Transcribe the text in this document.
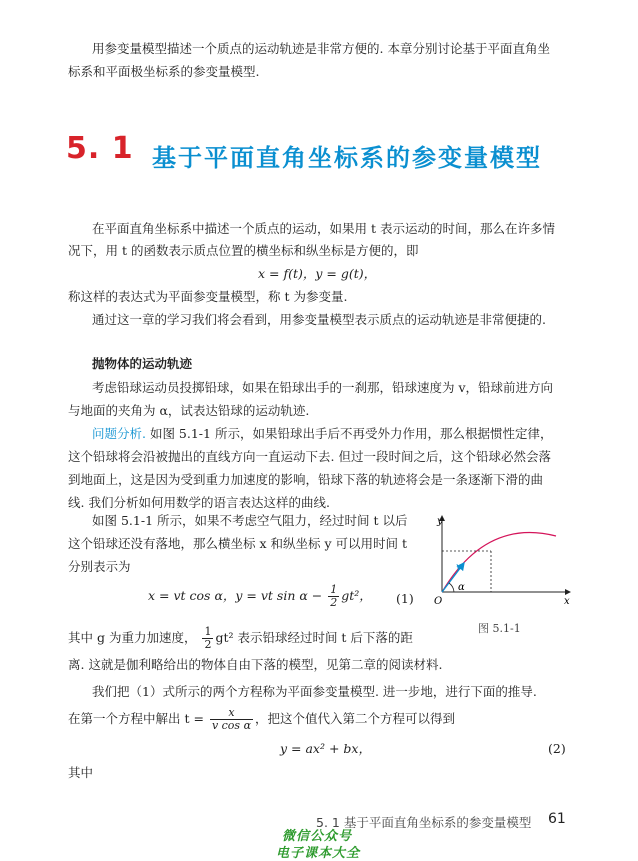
用参变量模型描述一个质点的运动轨迹是非常方便的. 本章分别讨论基于平面直角坐
标系和平面极坐标系的参变量模型.
5. 1 基于平面直角坐标系的参变量模型
在平面直角坐标系中描述一个质点的运动，如果用 t 表示运动的时间，那么在许多情
况下，用 t 的函数表示质点位置的横坐标和纵坐标是方便的，即
x = f(t)，y = g(t)，
称这样的表达式为平面参变量模型，称 t 为参变量.
通过这一章的学习我们将会看到，用参变量模型表示质点的运动轨迹是非常便捷的.
抛物体的运动轨迹
考虑铅球运动员投掷铅球，如果在铅球出手的一刹那，铅球速度为 v，铅球前进方向
与地面的夹角为 α，试表达铅球的运动轨迹.
问题分析. 如图 5.1-1 所示，如果铅球出手后不再受外力作用，那么根据惯性定律，
这个铅球将会沿被抛出的直线方向一直运动下去. 但过一段时间之后，这个铅球必然会落
到地面上，这是因为受到重力加速度的影响，铅球下落的轨迹将会是一条逐渐下滑的曲
线. 我们分析如何用数学的语言表达这样的曲线.
如图 5.1-1 所示，如果不考虑空气阻力，经过时间 t 以后
这个铅球还没有落地，那么横坐标 x 和纵坐标 y 可以用时间 t
分别表示为
x = vt cos α，y = vt $\sin \alpha - \frac{1}{2} gt^2$， (1)
其中 g 为重力加速度， $\frac{1}{2} gt^2$ 表示铅球经过时间 t 后下落的距
离. 这就是伽利略给出的物体自由下落的模型，见第二章的阅读材料.
y
x
O
v
α
图 5.1-1
我们把（1）式所示的两个方程称为平面参变量模型. 进一步地，进行下面的推导.
在第一个方程中解出 $t = \frac{x}{\text{v cos α}}$ ，把这个值代入第二个方程可以得到
y = ax² + bx，	(2)
其中
5. 1 基于平面直角坐标系的参变量模型 61
微信公众号
电子课本大全
